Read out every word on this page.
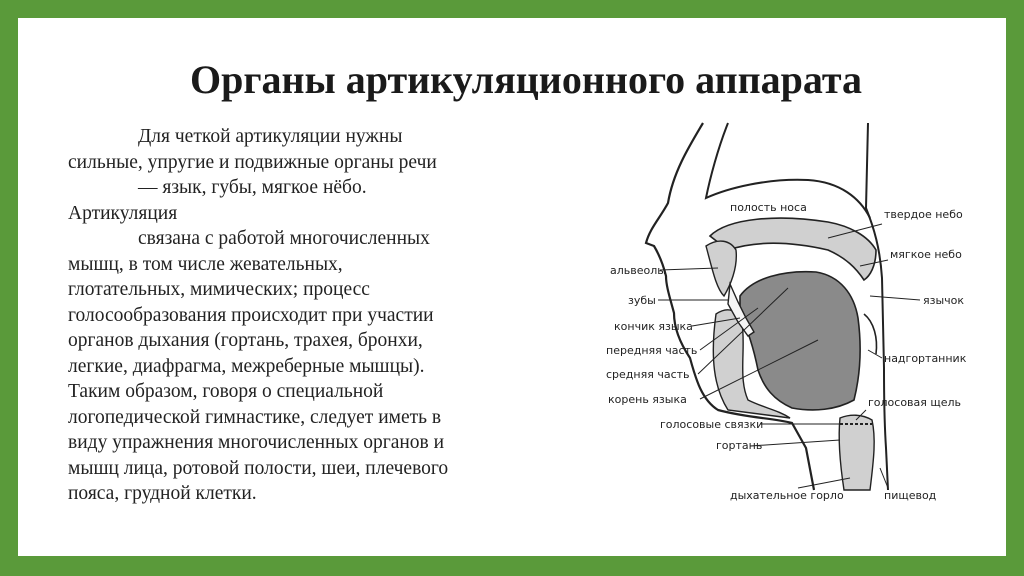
Органы артикуляционного аппарата
Для четкой артикуляции нужны
сильные, упругие и подвижные органы речи
— язык, губы, мягкое нёбо.
Артикуляция
связана с работой многочисленных
мышц, в том числе жевательных,
глотательных, мимических; процесс
голосообразования происходит при участии
органов дыхания (гортань, трахея, бронхи,
легкие, диафрагма, межреберные мышцы).
Таким образом, говоря о специальной
логопедической гимнастике, следует иметь в
виду упражнения многочисленных органов и
мышц лица, ротовой полости, шеи, плечевого
пояса, грудной клетки.
полость носа
твердое небо
мягкое небо
альвеолы
зубы	язычок
кончик языка
передняя часть
надгортанник
средняя часть
корень языка	голосовая щель
голосовые связки
гортань
дыхательное горло	пищевод
